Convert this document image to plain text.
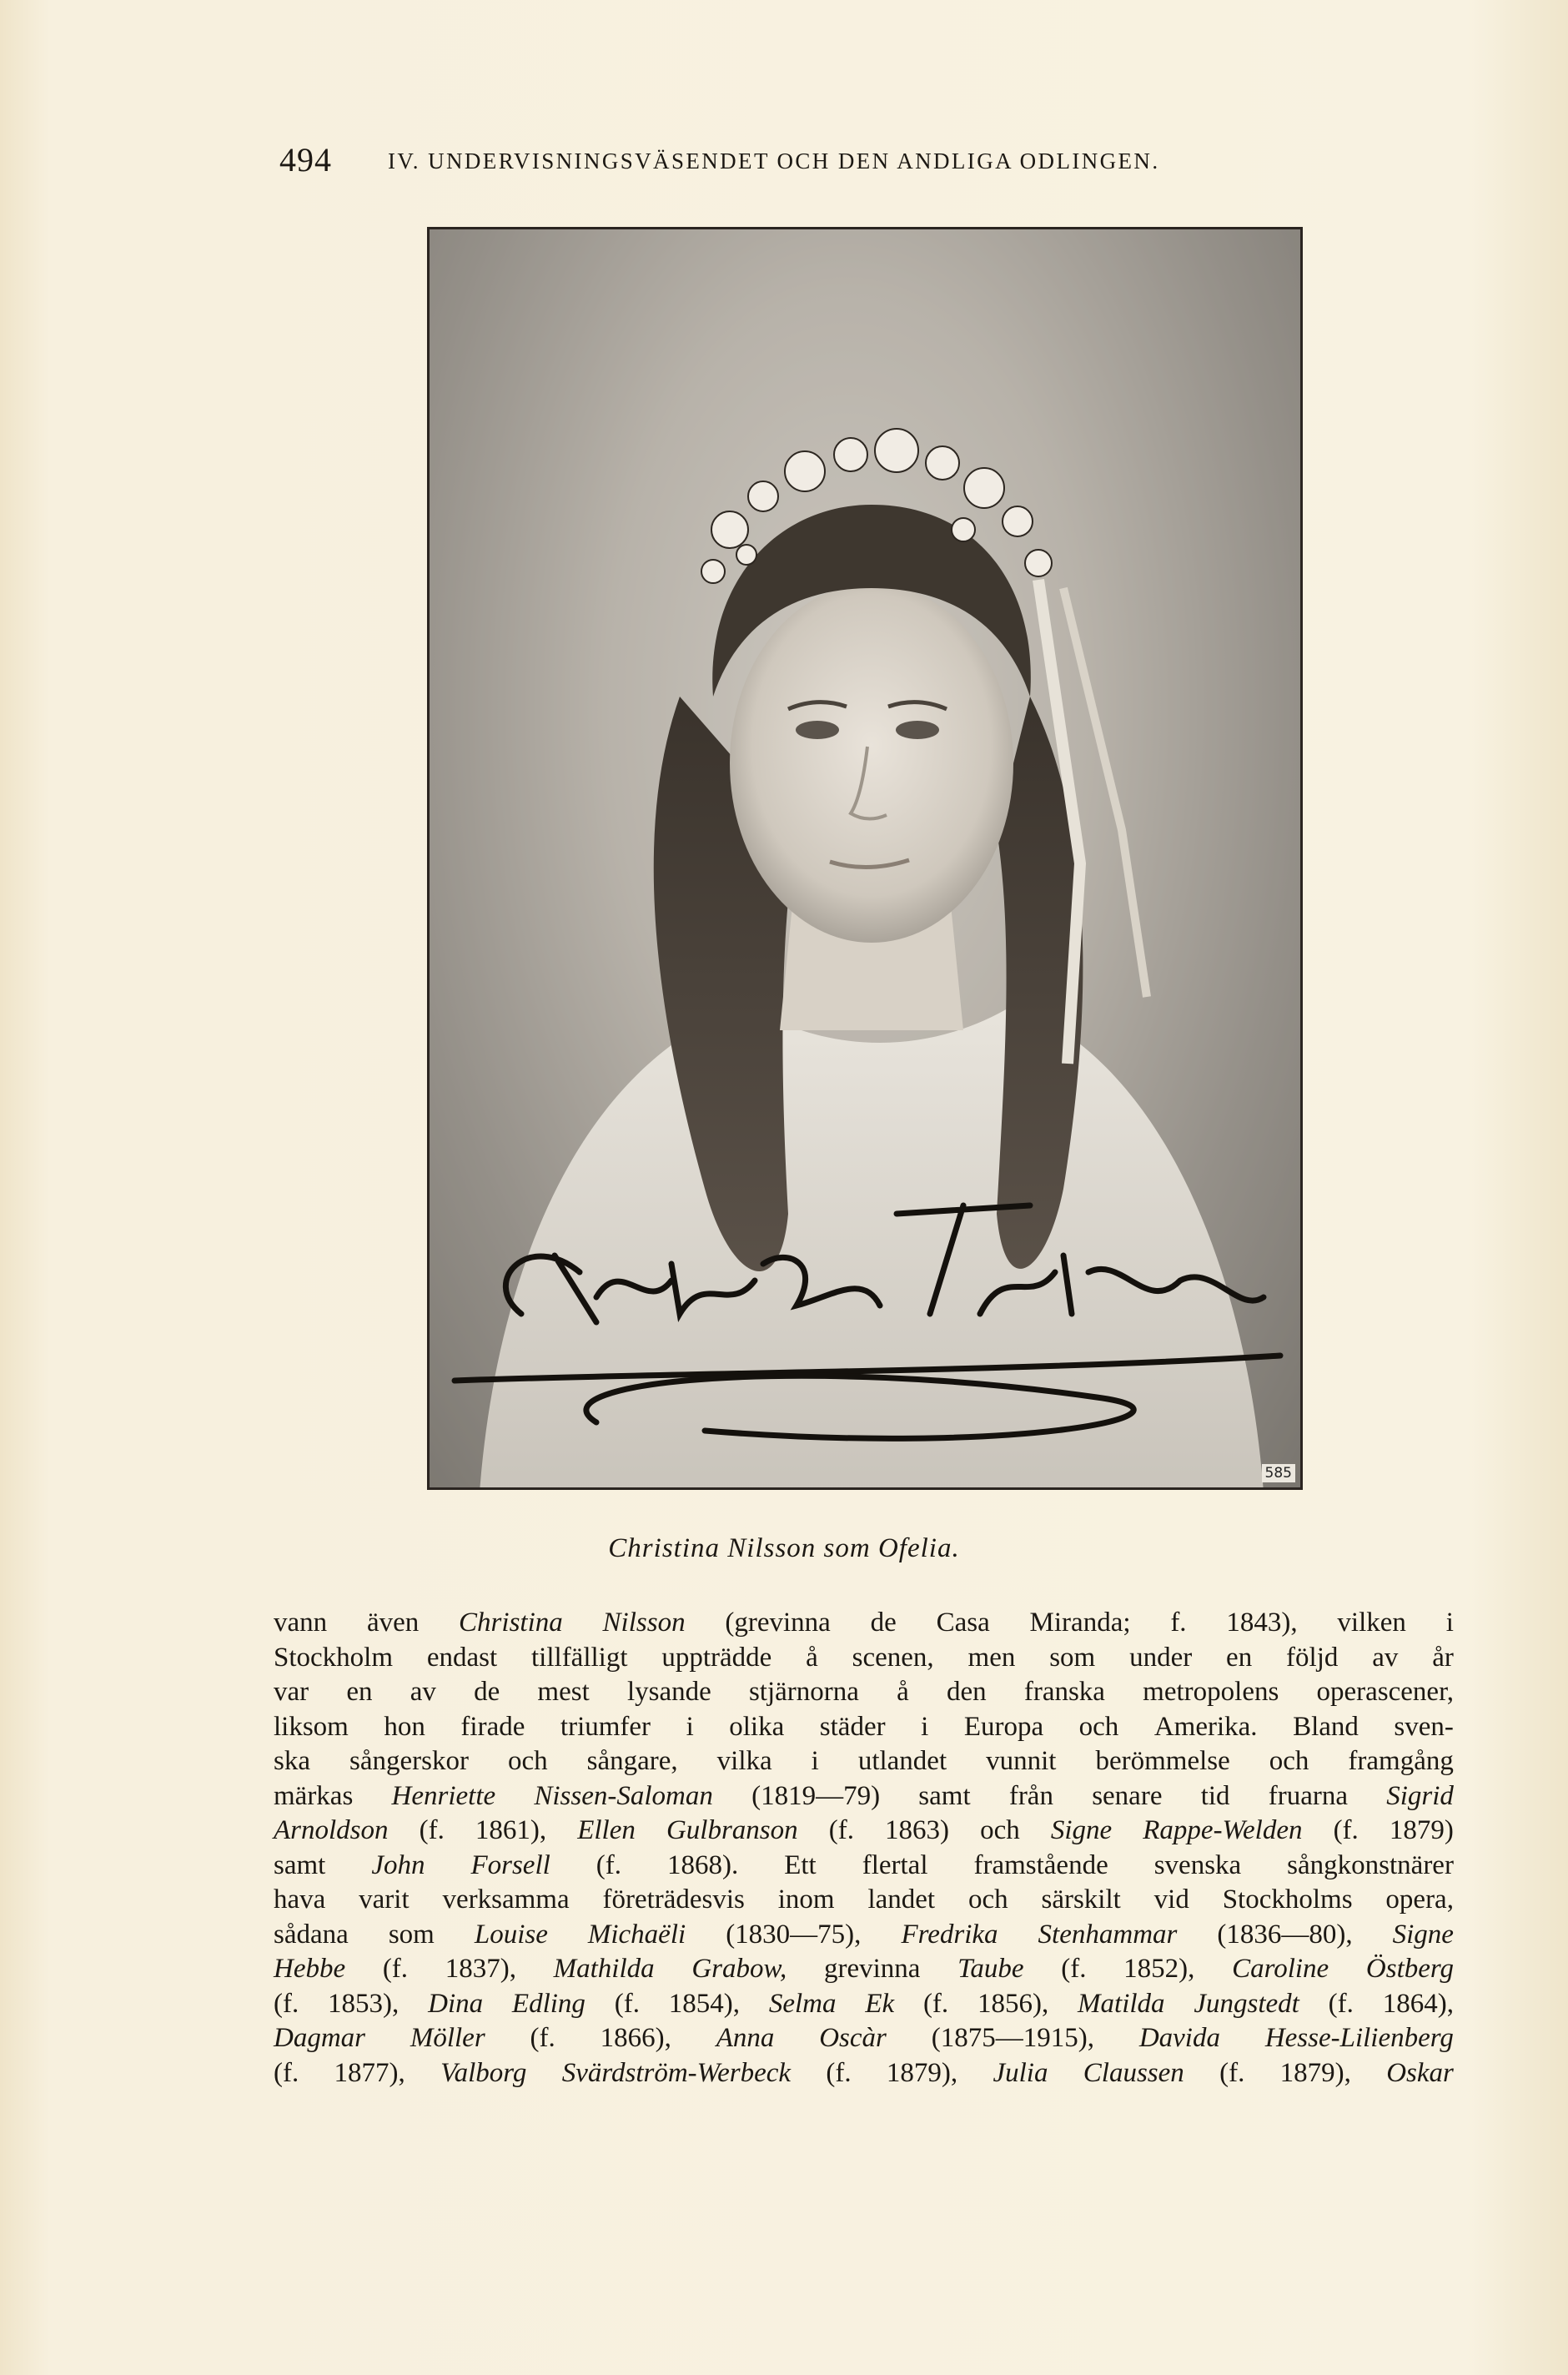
494 IV. UNDERVISNINGSVÄSENDET OCH DEN ANDLIGA ODLINGEN.
585
Christina Nilsson som Ofelia.
vann även Christina Nilsson (grevinna de Casa Miranda; f. 1843), vilken i
Stockholm endast tillfälligt uppträdde å scenen, men som under en följd av år
var en av de mest lysande stjärnorna å den franska metropolens operascener,
liksom hon firade triumfer i olika städer i Europa och Amerika. Bland sven-
ska sångerskor och sångare, vilka i utlandet vunnit berömmelse och framgång
märkas Henriette Nissen-Saloman (1819—79) samt från senare tid fruarna Sigrid
Arnoldson (f. 1861), Ellen Gulbranson (f. 1863) och Signe Rappe-Welden (f. 1879)
samt John Forsell (f. 1868). Ett flertal framstående svenska sångkonstnärer
hava varit verksamma företrädesvis inom landet och särskilt vid Stockholms opera,
sådana som Louise Michaëli (1830—75), Fredrika Stenhammar (1836—80), Signe
Hebbe (f. 1837), Mathilda Grabow, grevinna Taube (f. 1852), Caroline Östberg
(f. 1853), Dina Edling (f. 1854), Selma Ek (f. 1856), Matilda Jungstedt (f. 1864),
Dagmar Möller (f. 1866), Anna Oscàr (1875—1915), Davida Hesse-Lilienberg
(f. 1877), Valborg Svärdström-Werbeck (f. 1879), Julia Claussen (f. 1879), Oskar
